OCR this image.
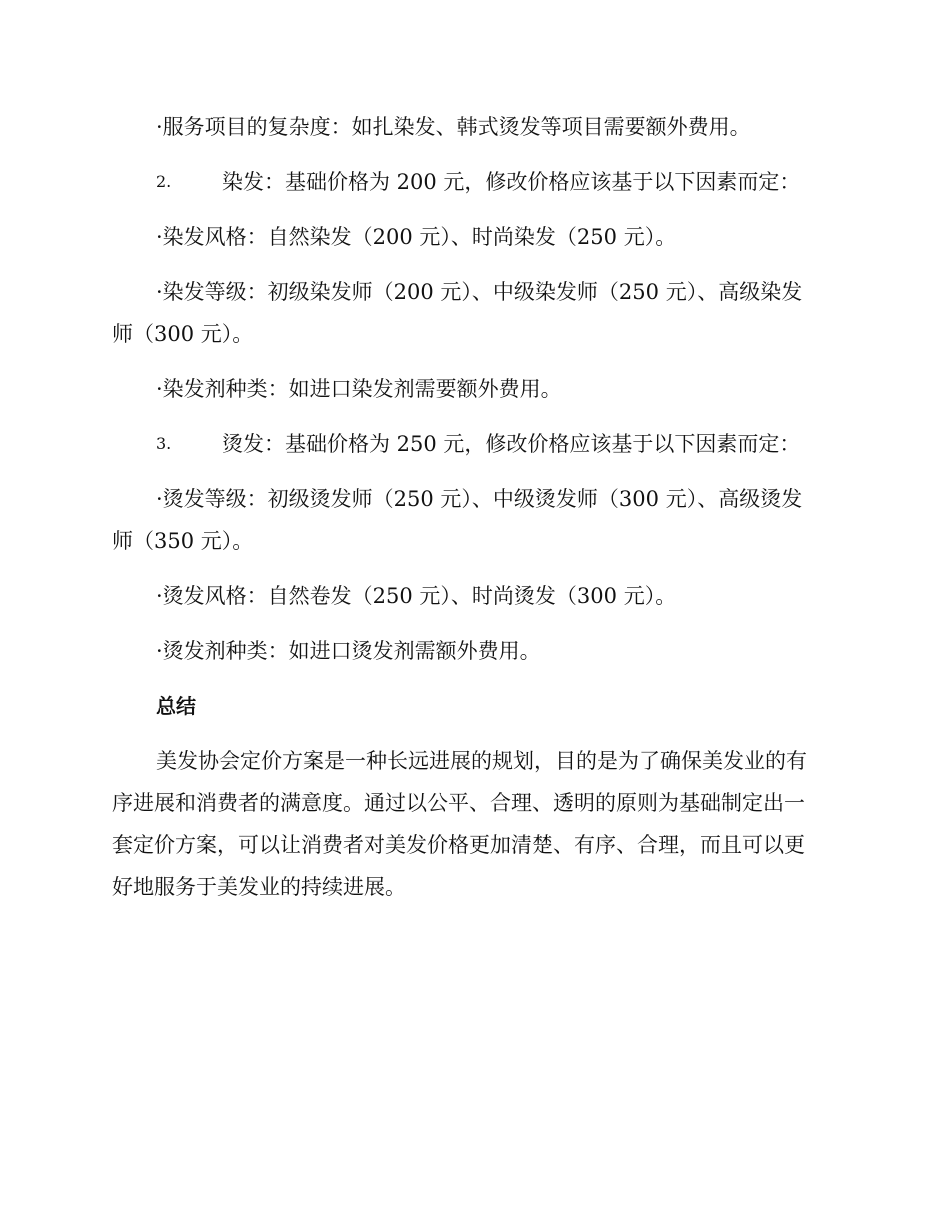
·服务项目的复杂度：如扎染发、韩式烫发等项目需要额外费用。
2. 染发：基础价格为 200 元，修改价格应该基于以下因素而定：
·染发风格：自然染发（200 元）、时尚染发（250 元）。
·染发等级：初级染发师（200 元）、中级染发师（250 元）、高级染发
师（300 元）。
·染发剂种类：如进口染发剂需要额外费用。
3. 烫发：基础价格为 250 元，修改价格应该基于以下因素而定：
·烫发等级：初级烫发师（250 元）、中级烫发师（300 元）、高级烫发
师（350 元）。
·烫发风格：自然卷发（250 元）、时尚烫发（300 元）。
·烫发剂种类：如进口烫发剂需额外费用。
总结
美发协会定价方案是一种长远进展的规划，目的是为了确保美发业的有
序进展和消费者的满意度。通过以公平、合理、透明的原则为基础制定出一
套定价方案，可以让消费者对美发价格更加清楚、有序、合理，而且可以更
好地服务于美发业的持续进展。
